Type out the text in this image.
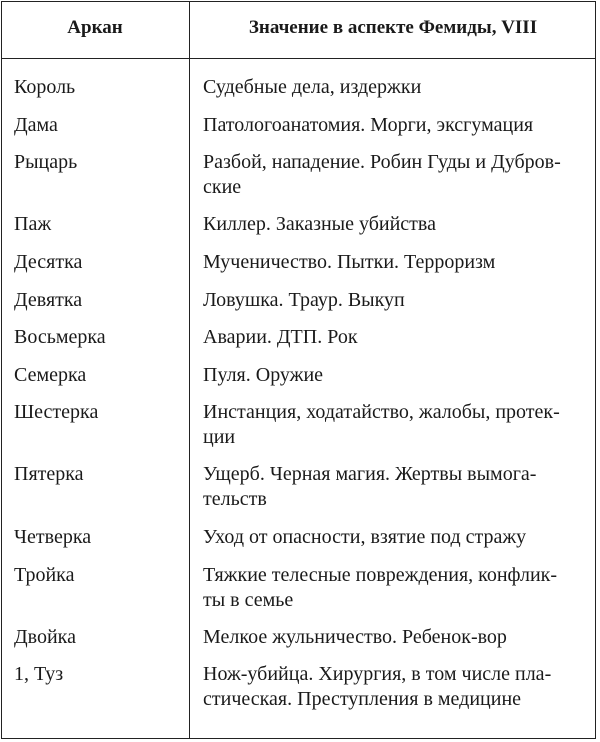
Аркан	Значение в аспекте Фемиды, VIII
Король	Судебные дела, издержки
Дама	Патологоанатомия. Морги, эксгумация
Рыцарь	Разбой, нападение. Робин Гуды и Дубров-
ские
Паж	Киллер. Заказные убийства
Десятка	Мученичество. Пытки. Терроризм
Девятка	Ловушка. Траур. Выкуп
Восьмерка	Аварии. ДТП. Рок
Семерка	Пуля. Оружие
Шестерка	Инстанция, ходатайство, жалобы, протек-
ции
Пятерка	Ущерб. Черная магия. Жертвы вымога-
тельств
Четверка	Уход от опасности, взятие под стражу
Тройка	Тяжкие телесные повреждения, конфлик-
ты в семье
Двойка	Мелкое жульничество. Ребенок-вор
1, Туз	Нож-убийца. Хирургия, в том числе пла-
стическая. Преступления в медицине
